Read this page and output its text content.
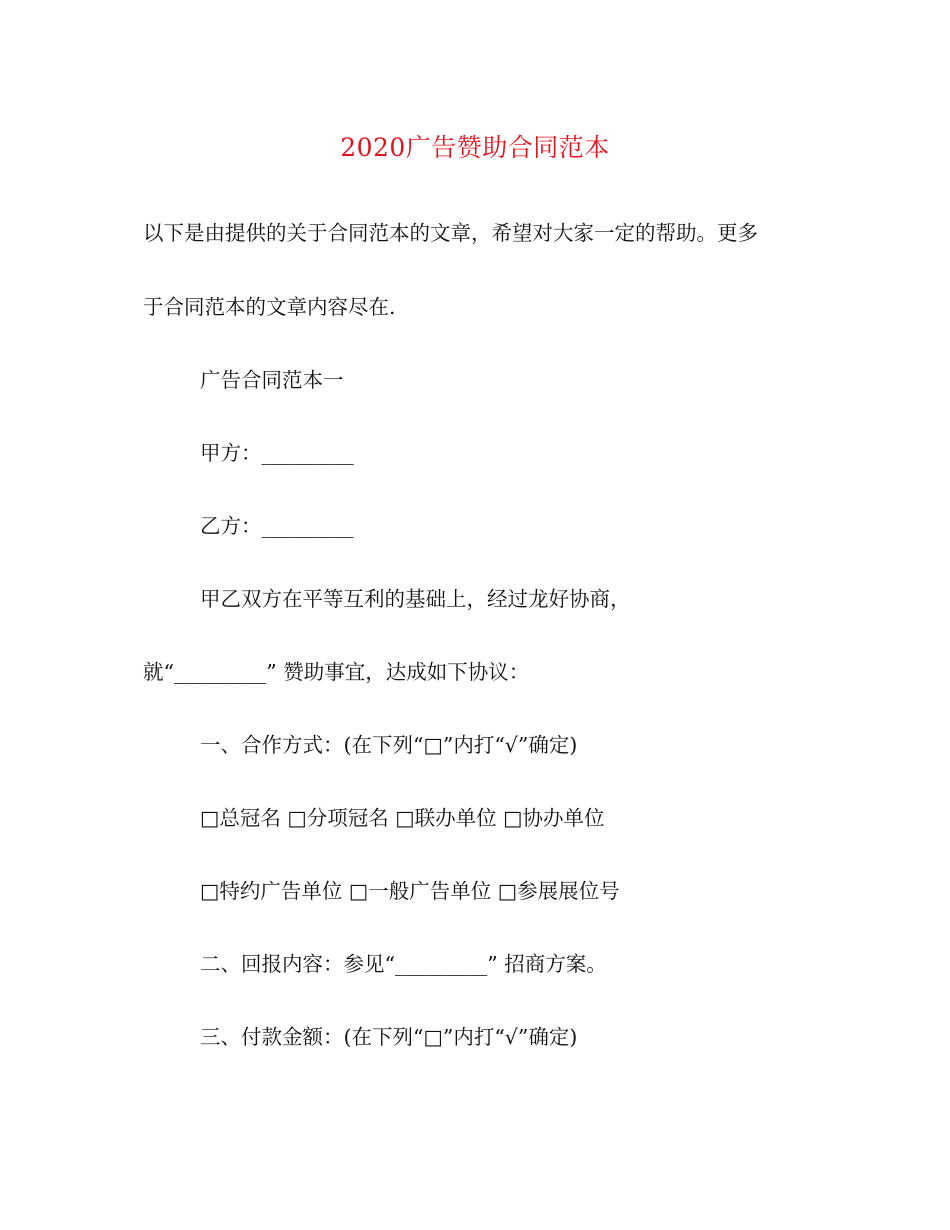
2020广告赞助合同范本
以下是由提供的关于合同范本的文章，希望对大家一定的帮助。更多
于合同范本的文章内容尽在.
广告合同范本一
甲方：_________
乙方：_________
甲乙双方在平等互利的基础上，经过龙好协商，
就“_________” 赞助事宜，达成如下协议：
一、合作方式：(在下列“□”内打“√”确定)
□总冠名 □分项冠名 □联办单位 □协办单位
□特约广告单位 □一般广告单位 □参展展位号
二、回报内容：参见“_________” 招商方案。
三、付款金额：(在下列“□”内打“√”确定)
